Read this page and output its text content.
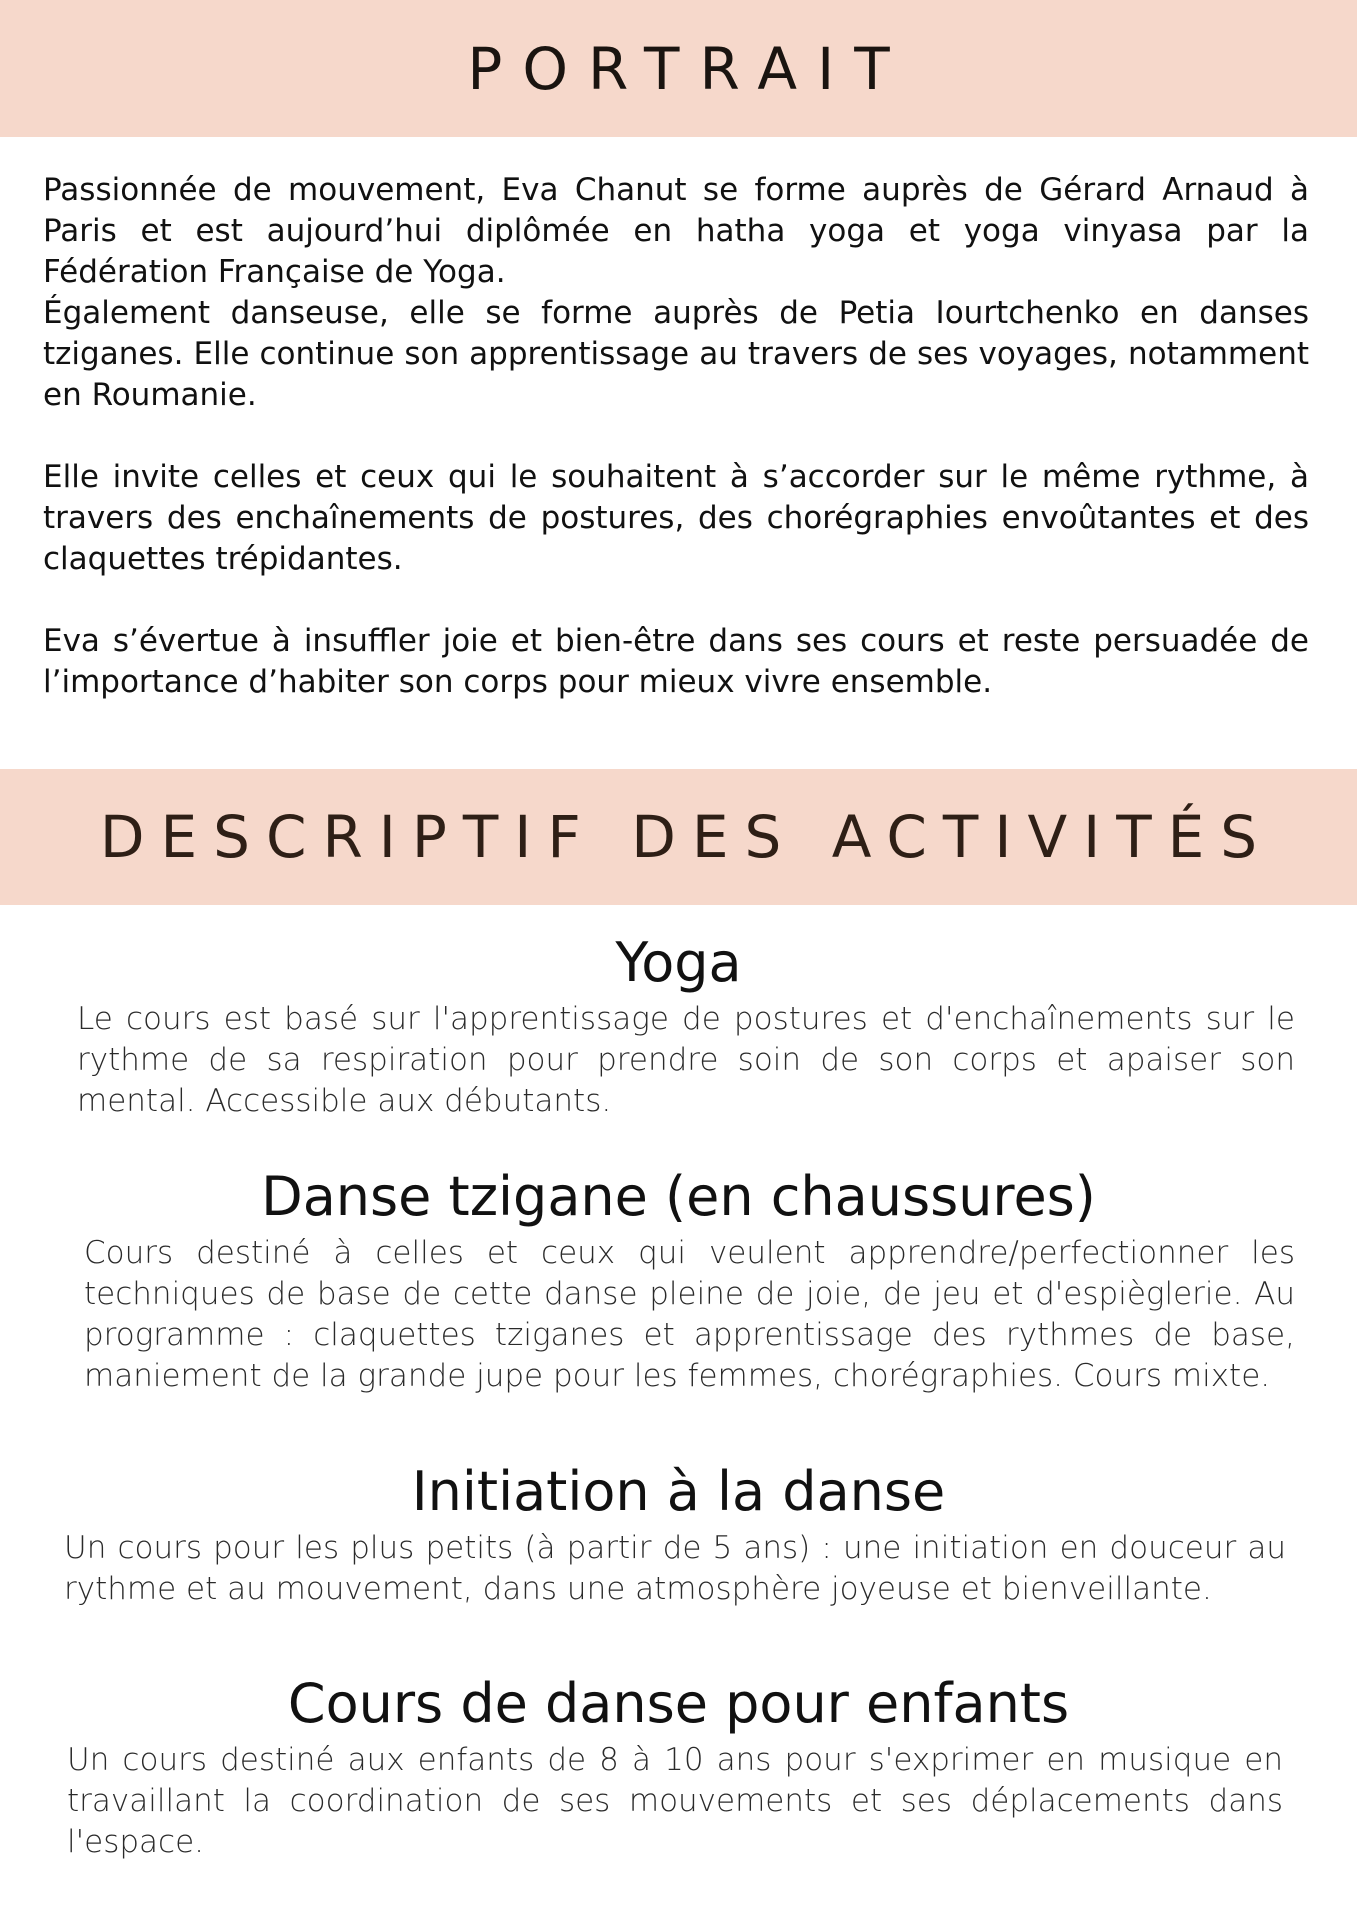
PORTRAIT

Passionnée de mouvement, Eva Chanut se forme auprès de Gérard Arnaud à Paris et est aujourd’hui diplômée en hatha yoga et yoga vinyasa par la Fédération Française de Yoga.

Également danseuse, elle se forme auprès de Petia Iourtchenko en danses tziganes. Elle continue son apprentissage au travers de ses voyages, notamment en Roumanie.

Elle invite celles et ceux qui le souhaitent à s’accorder sur le même rythme, à travers des enchaînements de postures, des chorégraphies envoûtantes et des claquettes trépidantes.

Eva s’évertue à insuffler joie et bien-être dans ses cours et reste persuadée de l’importance d’habiter son corps pour mieux vivre ensemble.

DESCRIPTIF DES ACTIVITÉS
Yoga

Le cours est basé sur l'apprentissage de postures et d'enchaînements sur le rythme de sa respiration pour prendre soin de son corps et apaiser son mental. Accessible aux débutants.

Danse tzigane (en chaussures)

Cours destiné à celles et ceux qui veulent apprendre/perfectionner les techniques de base de cette danse pleine de joie, de jeu et d'espièglerie. Au programme : claquettes tziganes et apprentissage des rythmes de base, maniement de la grande jupe pour les femmes, chorégraphies. Cours mixte.

Initiation à la danse

Un cours pour les plus petits (à partir de 5 ans) : une initiation en douceur au rythme et au mouvement, dans une atmosphère joyeuse et bienveillante.

Cours de danse pour enfants

Un cours destiné aux enfants de 8 à 10 ans pour s'exprimer en musique en travaillant la coordination de ses mouvements et ses déplacements dans l'espace.
